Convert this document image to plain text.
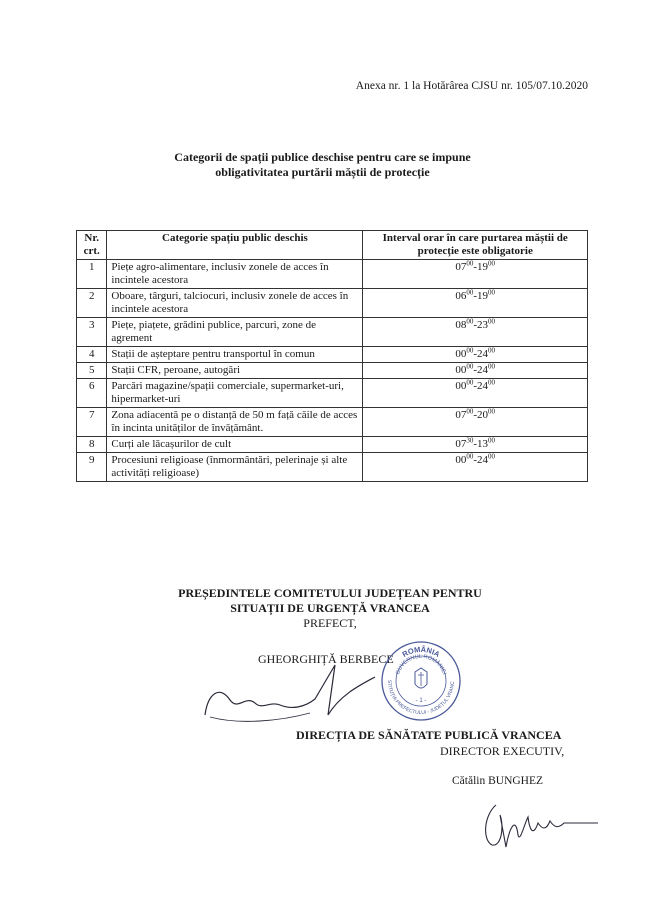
Anexa nr. 1 la Hotărârea CJSU nr. 105/07.10.2020
Categorii de spații publice deschise pentru care se impune
obligativitatea purtării măștii de protecție
Nr. crt.	Categorie spațiu public deschis	Interval orar în care purtarea măștii de protecție este obligatorie
1	Piețe agro-alimentare, inclusiv zonele de acces în incintele acestora	$07^{00}-19^{00}$
2	Oboare, târguri, talciocuri, inclusiv zonele de acces în incintele acestora	$06^{00}-19^{00}$
3	Piețe, piațete, grădini publice, parcuri, zone de agrement	$08^{00}-23^{00}$
4	Stații de așteptare pentru transportul în comun	$00^{00}-24^{00}$
5	Stații CFR, peroane, autogări	$00^{00}-24^{00}$
6	Parcări magazine/spații comerciale, supermarket-uri, hipermarket-uri	$00^{00}-24^{00}$
7	Zona adiacentă pe o distanță de 50 m față căile de acces în incinta unităților de învățământ.	$07^{00}-20^{00}$
8	Curți ale lăcașurilor de cult	$07^{30}-13^{00}$
9	Procesiuni religioase (înmormântări, pelerinaje și alte activități religioase)	$00^{00}-24^{00}$
PREȘEDINTELE COMITETULUI JUDEȚEAN PENTRU
SITUAȚII DE URGENȚĂ VRANCEA
PREFECT,
GHEORGHIȚĂ BERBECE ROMÂNIA
GUVERNUL ROMÂNIEI
STITUȚIA PREFECTULUI - JUDEȚUL VRANC
- 1 -
DIRECȚIA DE SĂNĂTATE PUBLICĂ VRANCEA
DIRECTOR EXECUTIV,
Cătălin BUNGHEZ
